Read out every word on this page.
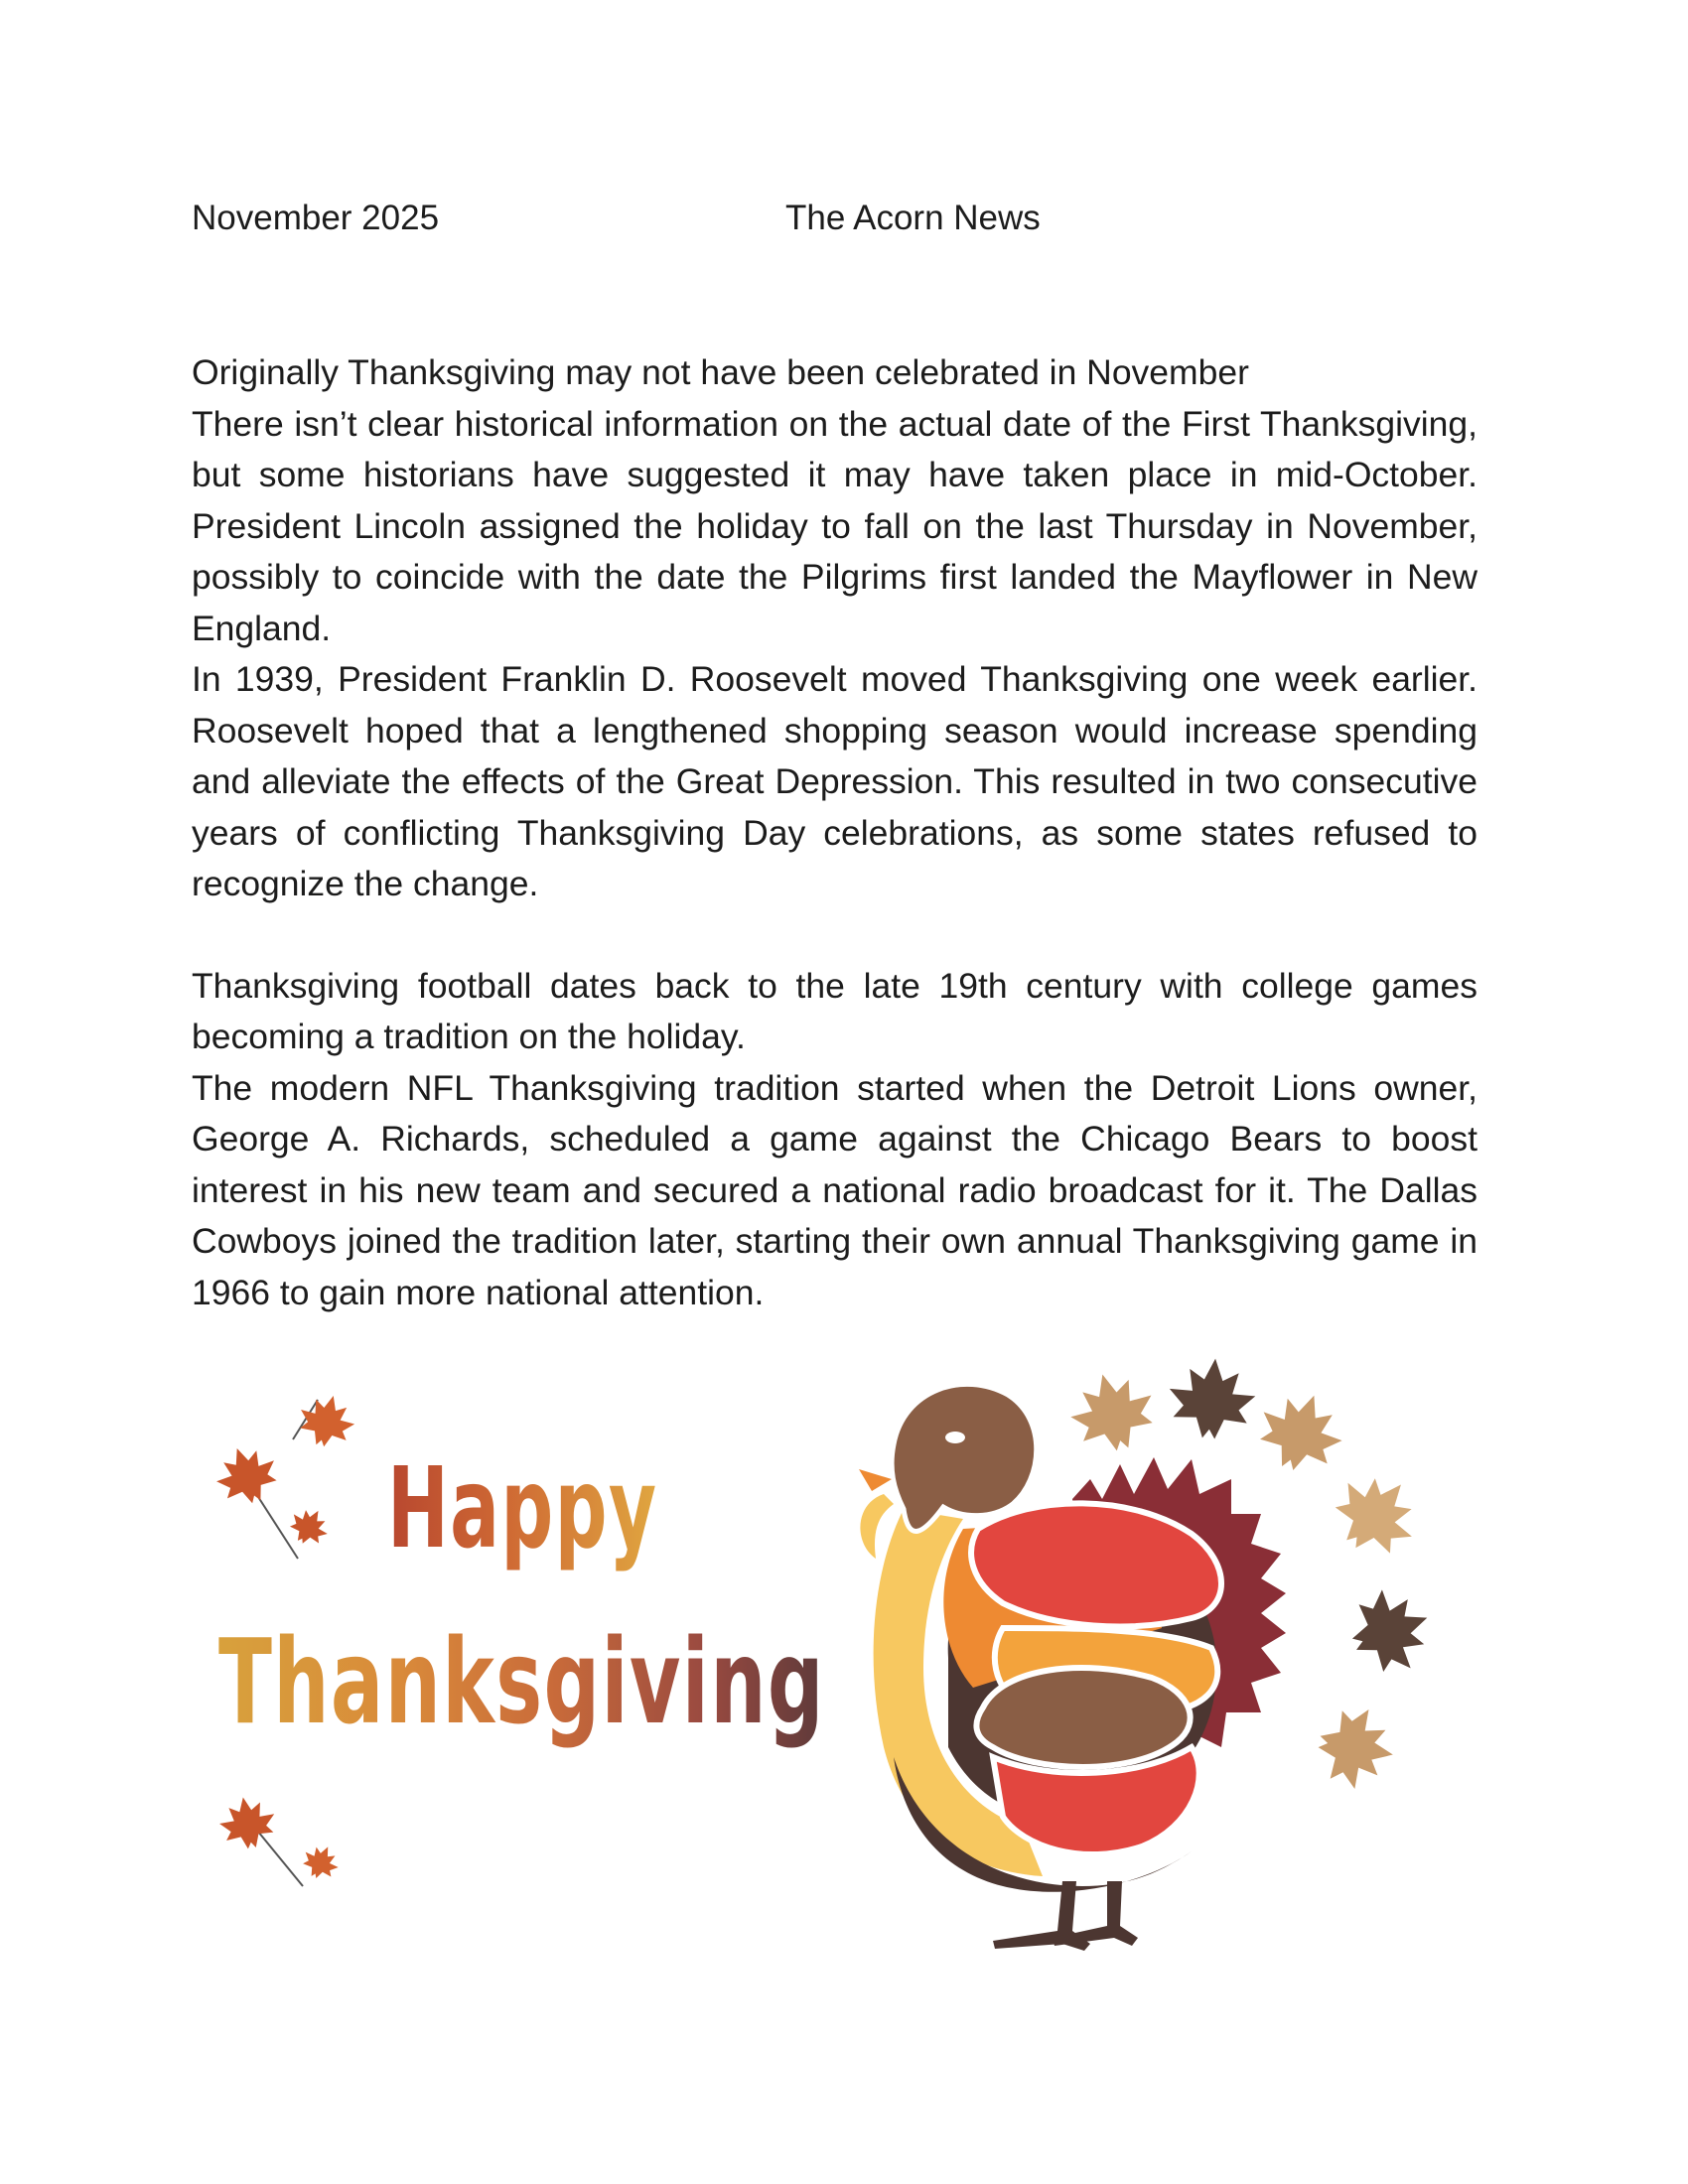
November 2025	The Acorn News

Originally Thanksgiving may not have been celebrated in November

There isn’t clear historical information on the actual date of the First Thanksgiving, but some historians have suggested it may have taken place in mid-October. President Lincoln assigned the holiday to fall on the last Thursday in November, possibly to coincide with the date the Pilgrims first landed the Mayflower in New England.

In 1939, President Franklin D. Roosevelt moved Thanksgiving one week earlier. Roosevelt hoped that a lengthened shopping season would increase spending and alleviate the effects of the Great Depression. This resulted in two consecutive years of conflicting Thanksgiving Day celebrations, as some states refused to recognize the change.

Thanksgiving football dates back to the late 19th century with college games becoming a tradition on the holiday.

The modern NFL Thanksgiving tradition started when the Detroit Lions owner, George A. Richards, scheduled a game against the Chicago Bears to boost interest in his new team and secured a national radio broadcast for it. The Dallas Cowboys joined the tradition later, starting their own annual Thanksgiving game in 1966 to gain more national attention.

Happy
Thanksgiving
